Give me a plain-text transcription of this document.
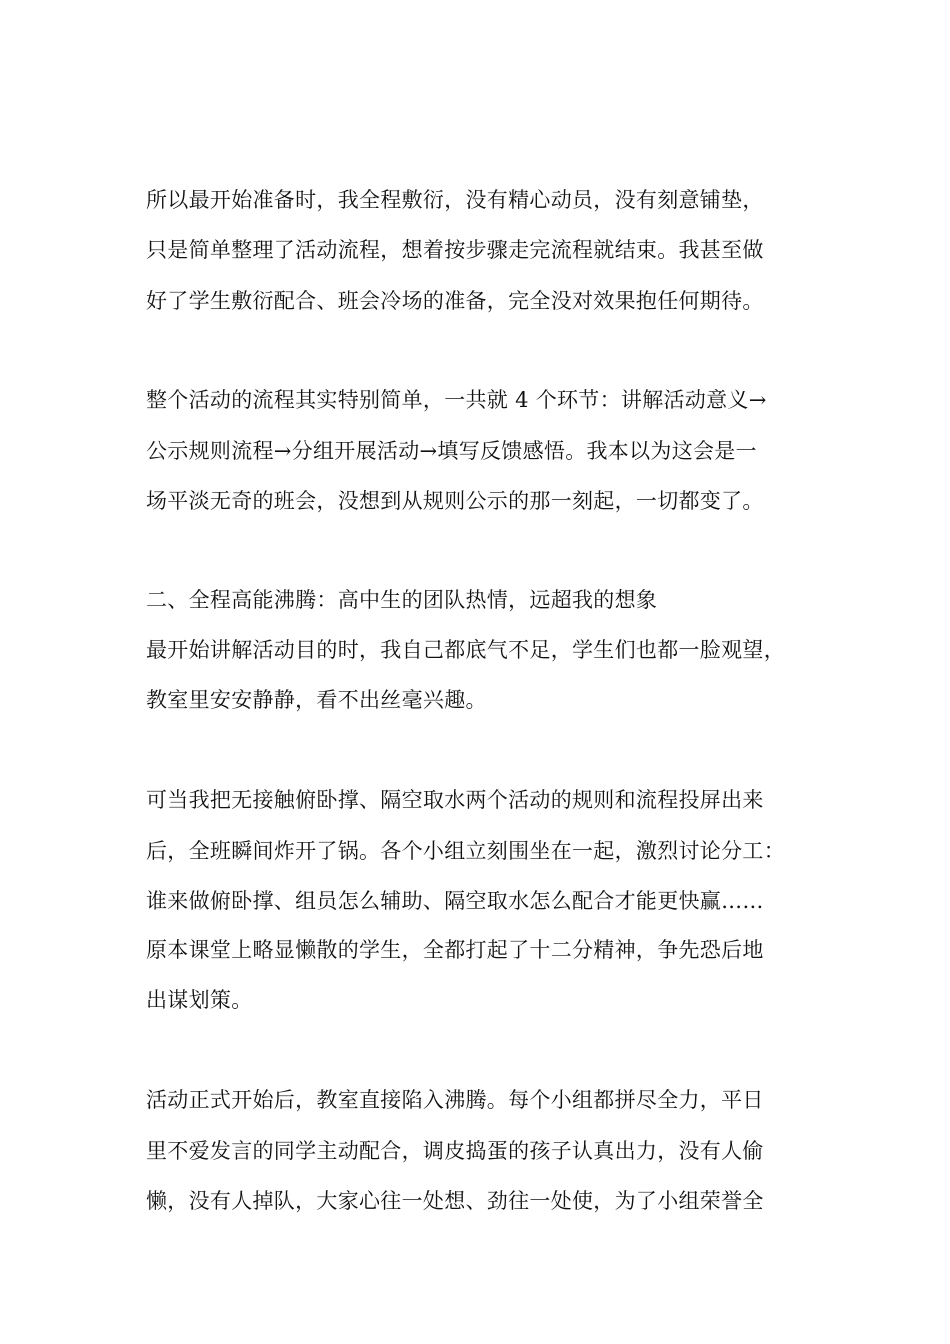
所以最开始准备时，我全程敷衍，没有精心动员，没有刻意铺垫，
只是简单整理了活动流程，想着按步骤走完流程就结束。我甚至做
好了学生敷衍配合、班会冷场的准备，完全没对效果抱任何期待。
整个活动的流程其实特别简单，一共就 4 个环节：讲解活动意义→
公示规则流程→分组开展活动→填写反馈感悟。我本以为这会是一
场平淡无奇的班会，没想到从规则公示的那一刻起，一切都变了。
二、全程高能沸腾：高中生的团队热情，远超我的想象
最开始讲解活动目的时，我自己都底气不足，学生们也都一脸观望，
教室里安安静静，看不出丝毫兴趣。
可当我把无接触俯卧撑、隔空取水两个活动的规则和流程投屏出来
后，全班瞬间炸开了锅。各个小组立刻围坐在一起，激烈讨论分工：
谁来做俯卧撑、组员怎么辅助、隔空取水怎么配合才能更快赢……
原本课堂上略显懒散的学生，全都打起了十二分精神，争先恐后地
出谋划策。
活动正式开始后，教室直接陷入沸腾。每个小组都拼尽全力，平日
里不爱发言的同学主动配合，调皮捣蛋的孩子认真出力，没有人偷
懒，没有人掉队，大家心往一处想、劲往一处使，为了小组荣誉全
